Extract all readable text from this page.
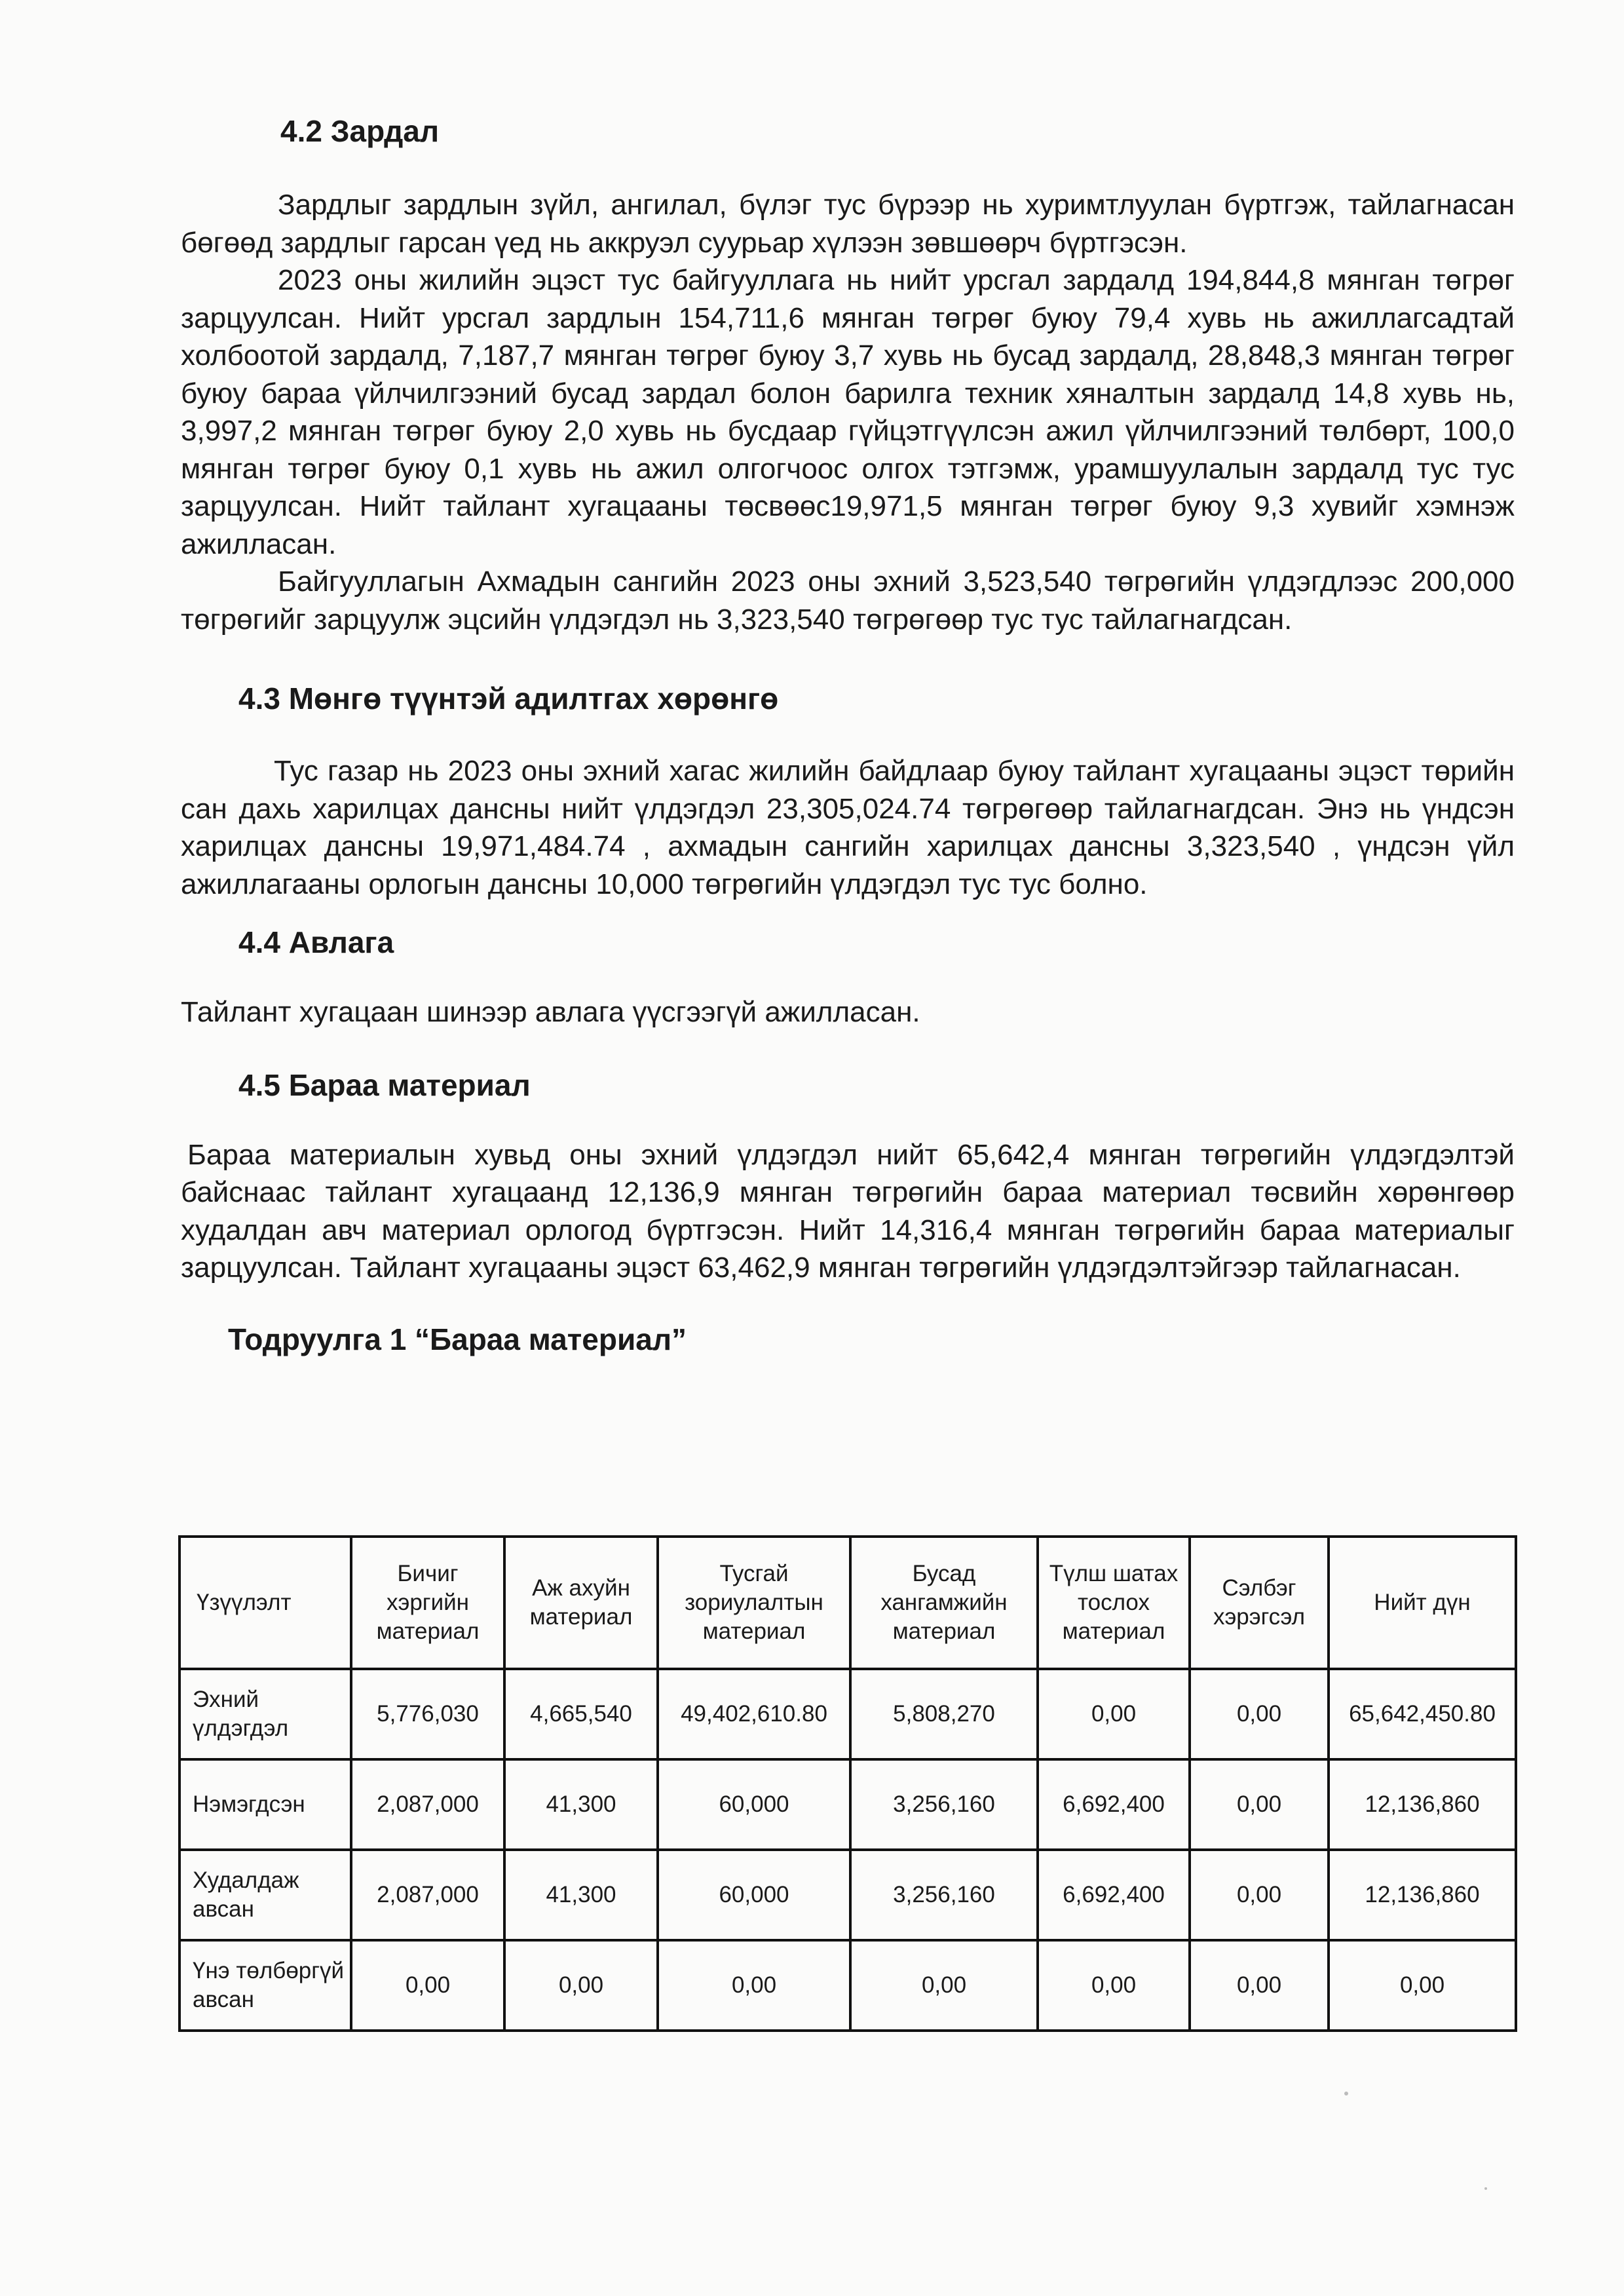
4.2 Зардал

Зардлыг зардлын зүйл, ангилал, бүлэг тус бүрээр нь хуримтлуулан бүртгэж, тайлагнасан бөгөөд зардлыг гарсан үед нь аккруэл суурьар хүлээн зөвшөөрч бүртгэсэн.

2023 оны жилийн эцэст тус байгууллага нь нийт урсгал зардалд 194,844,8 мянган төгрөг зарцуулсан. Нийт урсгал зардлын 154,711,6 мянган төгрөг буюу 79,4 хувь нь ажиллагсадтай холбоотой зардалд, 7,187,7 мянган төгрөг буюу 3,7 хувь нь бусад зардалд, 28,848,3 мянган төгрөг буюу бараа үйлчилгээний бусад зардал болон барилга техник хяналтын зардалд 14,8 хувь нь, 3,997,2 мянган төгрөг буюу 2,0 хувь нь бусдаар гүйцэтгүүлсэн ажил үйлчилгээний төлбөрт, 100,0 мянган төгрөг буюу 0,1 хувь нь ажил олгогчоос олгох тэтгэмж, урамшуулалын зардалд тус тус зарцуулсан. Нийт тайлант хугацааны төсвөөс19,971,5 мянган төгрөг буюу 9,3 хувийг хэмнэж ажилласан.

Байгууллагын Ахмадын сангийн 2023 оны эхний 3,523,540 төгрөгийн үлдэгдлээс 200,000 төгрөгийг зарцуулж эцсийн үлдэгдэл нь 3,323,540 төгрөгөөр тус тус тайлагнагдсан.

4.3 Мөнгө түүнтэй адилтгах хөрөнгө

Тус газар нь 2023 оны эхний хагас жилийн байдлаар буюу тайлант хугацааны эцэст төрийн сан дахь харилцах дансны нийт үлдэгдэл 23,305,024.74 төгрөгөөр тайлагнагдсан. Энэ нь үндсэн харилцах дансны 19,971,484.74 , ахмадын сангийн харилцах дансны 3,323,540 , үндсэн үйл ажиллагааны орлогын дансны 10,000 төгрөгийн үлдэгдэл тус тус болно.

4.4 Авлага

Тайлант хугацаан шинээр авлага үүсгээгүй ажилласан.

4.5 Бараа материал

Бараа материалын хувьд оны эхний үлдэгдэл нийт 65,642,4 мянган төгрөгийн үлдэгдэлтэй байснаас тайлант хугацаанд 12,136,9 мянган төгрөгийн бараа материал төсвийн хөрөнгөөр худалдан авч материал орлогод бүртгэсэн. Нийт 14,316,4 мянган төгрөгийн бараа материалыг зарцуулсан. Тайлант хугацааны эцэст 63,462,9 мянган төгрөгийн үлдэгдэлтэйгээр тайлагнасан.

Тодруулга 1 “Бараа материал”
Үзүүлэлт	Бичиг хэргийн материал	Аж ахуйн материал	Тусгай зориулалтын материал	Бусад хангамжийн материал	Түлш шатах тослох материал	Сэлбэг хэрэгсэл	Нийт дүн
Эхний үлдэгдэл	5,776,030	4,665,540	49,402,610.80	5,808,270	0,00	0,00	65,642,450.80
Нэмэгдсэн	2,087,000	41,300	60,000	3,256,160	6,692,400	0,00	12,136,860
Худалдаж авсан	2,087,000	41,300	60,000	3,256,160	6,692,400	0,00	12,136,860
Үнэ төлбөргүй авсан	0,00	0,00	0,00	0,00	0,00	0,00	0,00
